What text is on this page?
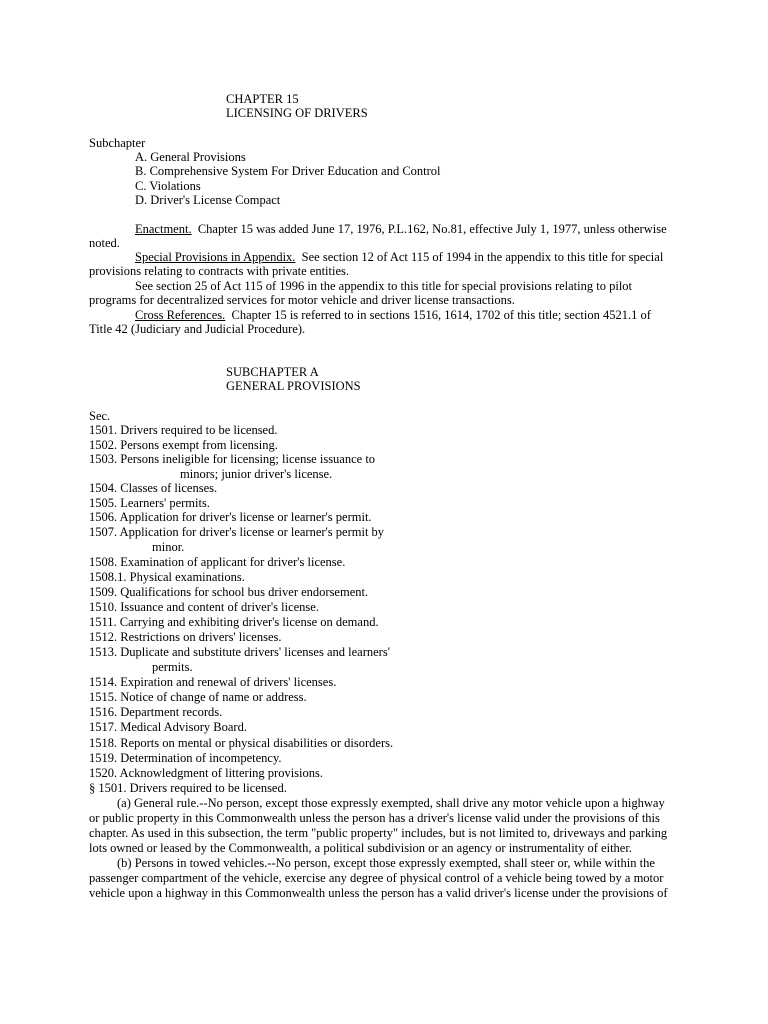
CHAPTER 15
LICENSING OF DRIVERS
Subchapter
A. General Provisions
B. Comprehensive System For Driver Education and Control
C. Violations
D. Driver's License Compact
Enactment. Chapter 15 was added June 17, 1976, P.L.162, No.81, effective July 1, 1977, unless otherwise
noted.
Special Provisions in Appendix. See section 12 of Act 115 of 1994 in the appendix to this title for special
provisions relating to contracts with private entities.
See section 25 of Act 115 of 1996 in the appendix to this title for special provisions relating to pilot
programs for decentralized services for motor vehicle and driver license transactions.
Cross References. Chapter 15 is referred to in sections 1516, 1614, 1702 of this title; section 4521.1 of
Title 42 (Judiciary and Judicial Procedure).
SUBCHAPTER A
GENERAL PROVISIONS
Sec.
1501. Drivers required to be licensed.
1502. Persons exempt from licensing.
1503. Persons ineligible for licensing; license issuance to
minors; junior driver's license.
1504. Classes of licenses.
1505. Learners' permits.
1506. Application for driver's license or learner's permit.
1507. Application for driver's license or learner's permit by
minor.
1508. Examination of applicant for driver's license.
1508.1. Physical examinations.
1509. Qualifications for school bus driver endorsement.
1510. Issuance and content of driver's license.
1511. Carrying and exhibiting driver's license on demand.
1512. Restrictions on drivers' licenses.
1513. Duplicate and substitute drivers' licenses and learners'
permits.
1514. Expiration and renewal of drivers' licenses.
1515. Notice of change of name or address.
1516. Department records.
1517. Medical Advisory Board.
1518. Reports on mental or physical disabilities or disorders.
1519. Determination of incompetency.
1520. Acknowledgment of littering provisions.
§ 1501. Drivers required to be licensed.
(a) General rule.--No person, except those expressly exempted, shall drive any motor vehicle upon a highway
or public property in this Commonwealth unless the person has a driver's license valid under the provisions of this
chapter. As used in this subsection, the term "public property" includes, but is not limited to, driveways and parking
lots owned or leased by the Commonwealth, a political subdivision or an agency or instrumentality of either.
(b) Persons in towed vehicles.--No person, except those expressly exempted, shall steer or, while within the
passenger compartment of the vehicle, exercise any degree of physical control of a vehicle being towed by a motor
vehicle upon a highway in this Commonwealth unless the person has a valid driver's license under the provisions of
